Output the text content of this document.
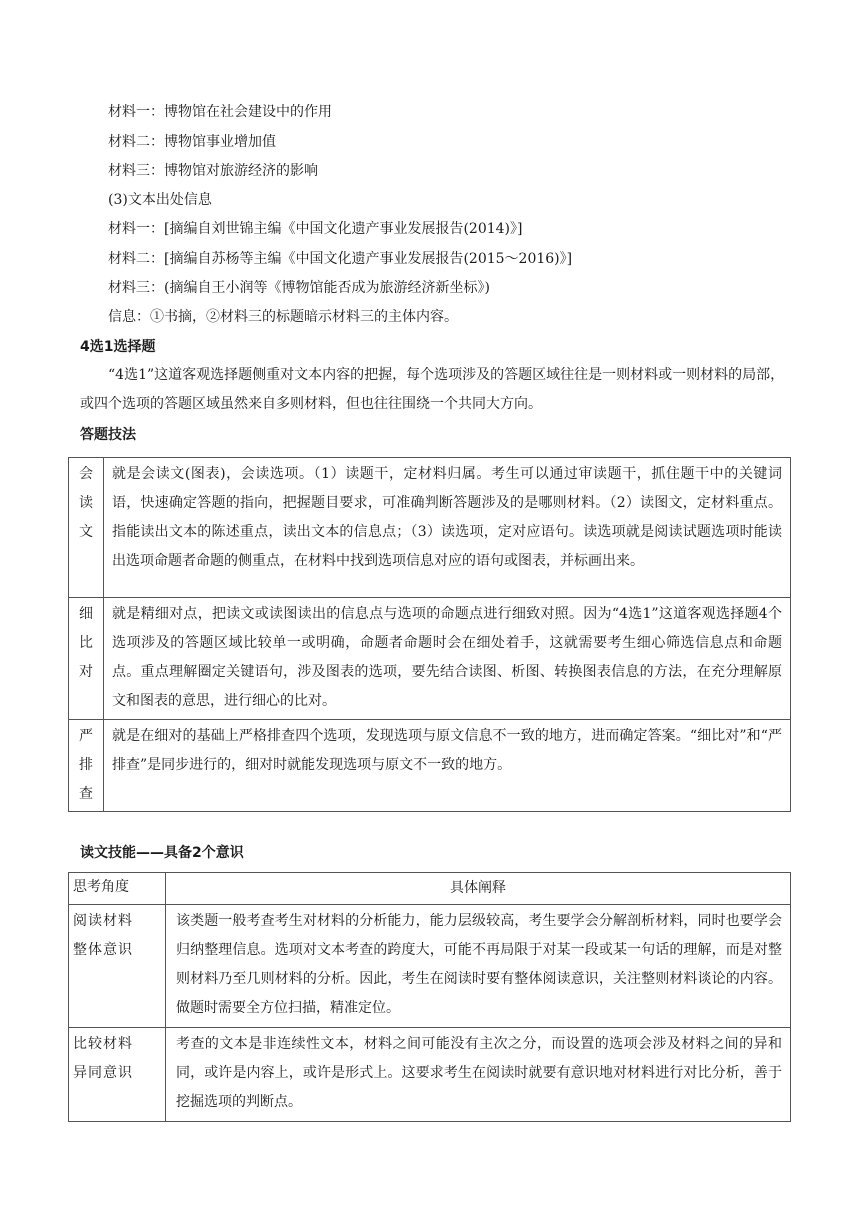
材料一：博物馆在社会建设中的作用
材料二：博物馆事业增加值
材料三：博物馆对旅游经济的影响
(3)文本出处信息
材料一：[摘编自刘世锦主编《中国文化遗产事业发展报告(2014)》]
材料二：[摘编自苏杨等主编《中国文化遗产事业发展报告(2015～2016)》]
材料三：(摘编自王小润等《博物馆能否成为旅游经济新坐标》)
信息：①书摘，②材料三的标题暗示材料三的主体内容。
4选1选择题
“4选1”这道客观选择题侧重对文本内容的把握，每个选项涉及的答题区域往往是一则材料或一则材料的局部，或四个选项的答题区域虽然来自多则材料，但也往往围绕一个共同大方向。
答题技法
会读文	就是会读文(图表)，会读选项。（1）读题干，定材料归属。考生可以通过审读题干，抓住题干中的关键词语，快速确定答题的指向，把握题目要求，可准确判断答题涉及的是哪则材料。（2）读图文，定材料重点。指能读出文本的陈述重点，读出文本的信息点；（3）读选项，定对应语句。读选项就是阅读试题选项时能读出选项命题者命题的侧重点，在材料中找到选项信息对应的语句或图表，并标画出来。
细比对	就是精细对点，把读文或读图读出的信息点与选项的命题点进行细致对照。因为“4选1”这道客观选择题4个选项涉及的答题区域比较单一或明确，命题者命题时会在细处着手，这就需要考生细心筛选信息点和命题点。重点理解圈定关键语句，涉及图表的选项，要先结合读图、析图、转换图表信息的方法，在充分理解原文和图表的意思，进行细心的比对。
严排查	就是在细对的基础上严格排查四个选项，发现选项与原文信息不一致的地方，进而确定答案。“细比对”和“严排查”是同步进行的，细对时就能发现选项与原文不一致的地方。
读文技能——具备2个意识
思考角度	具体阐释
阅读材料整体意识	该类题一般考查考生对材料的分析能力，能力层级较高，考生要学会分解剖析材料，同时也要学会归纳整理信息。选项对文本考查的跨度大，可能不再局限于对某一段或某一句话的理解，而是对整则材料乃至几则材料的分析。因此，考生在阅读时要有整体阅读意识，关注整则材料谈论的内容。做题时需要全方位扫描，精准定位。
比较材料异同意识	考查的文本是非连续性文本，材料之间可能没有主次之分，而设置的选项会涉及材料之间的异和同，或许是内容上，或许是形式上。这要求考生在阅读时就要有意识地对材料进行对比分析，善于挖掘选项的判断点。
